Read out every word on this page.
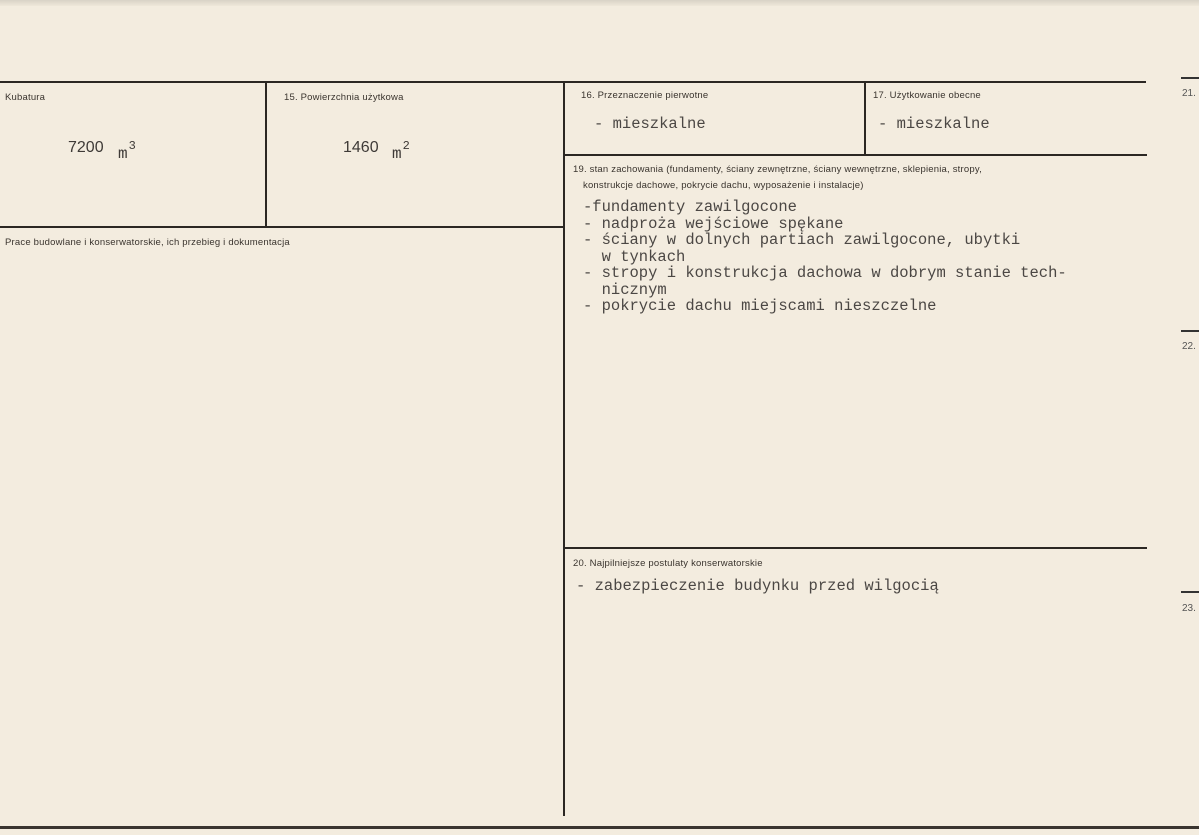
21.
22.
23.
Kubatura
7200 $m^3$
15. Powierzchnia użytkowa
1460 $m^2$
16. Przeznaczenie pierwotne
- mieszkalne
17. Użytkowanie obecne
- mieszkalne
Prace budowlane i konserwatorskie, ich przebieg i dokumentacja
19. stan zachowania (fundamenty, ściany zewnętrzne, ściany wewnętrzne, sklepienia, stropy,
konstrukcje dachowe, pokrycie dachu, wyposażenie i instalacje)
-fundamenty zawilgocone
- nadproża wejściowe spękane
- ściany w dolnych partiach zawilgocone, ubytki
w tynkach
- stropy i konstrukcja dachowa w dobrym stanie tech-
nicznym
- pokrycie dachu miejscami nieszczelne
20. Najpilniejsze postulaty konserwatorskie
- zabezpieczenie budynku przed wilgocią
